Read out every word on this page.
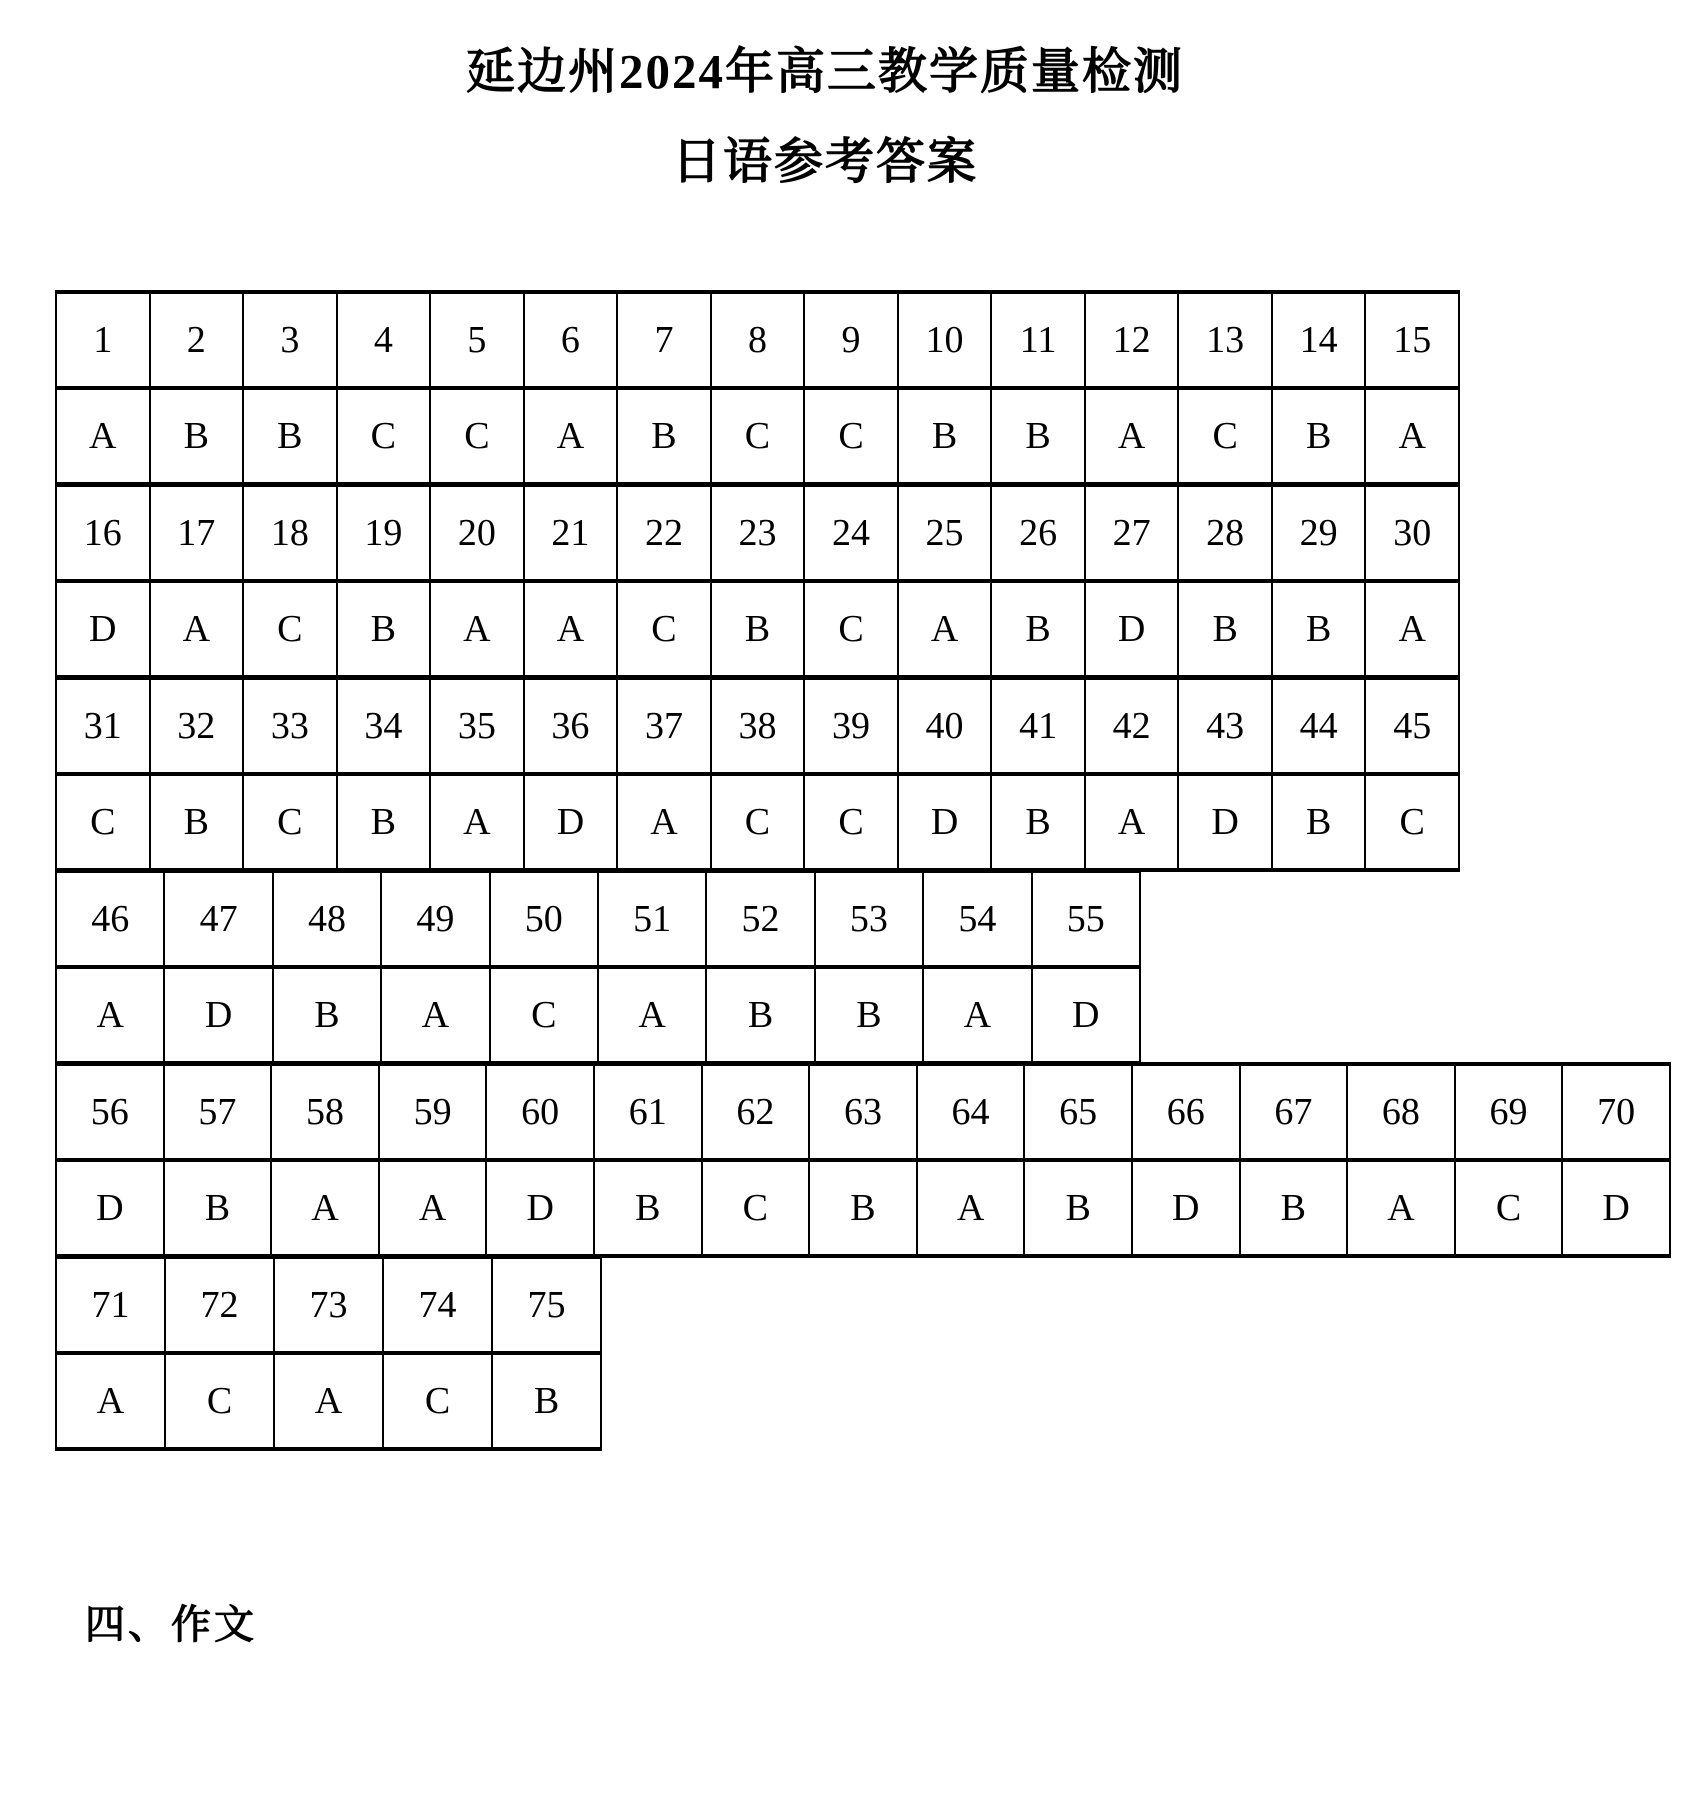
延边州2024年高三教学质量检测
日语参考答案
1	2	3	4	5	6	7	8	9	10	11	12	13	14	15
A	B	B	C	C	A	B	C	C	B	B	A	C	B	A
16	17	18	19	20	21	22	23	24	25	26	27	28	29	30
D	A	C	B	A	A	C	B	C	A	B	D	B	B	A
31	32	33	34	35	36	37	38	39	40	41	42	43	44	45
C	B	C	B	A	D	A	C	C	D	B	A	D	B	C
46	47	48	49	50	51	52	53	54	55
A	D	B	A	C	A	B	B	A	D
56	57	58	59	60	61	62	63	64	65	66	67	68	69	70
D	B	A	A	D	B	C	B	A	B	D	B	A	C	D
71	72	73	74	75
A	C	A	C	B
四、作文
